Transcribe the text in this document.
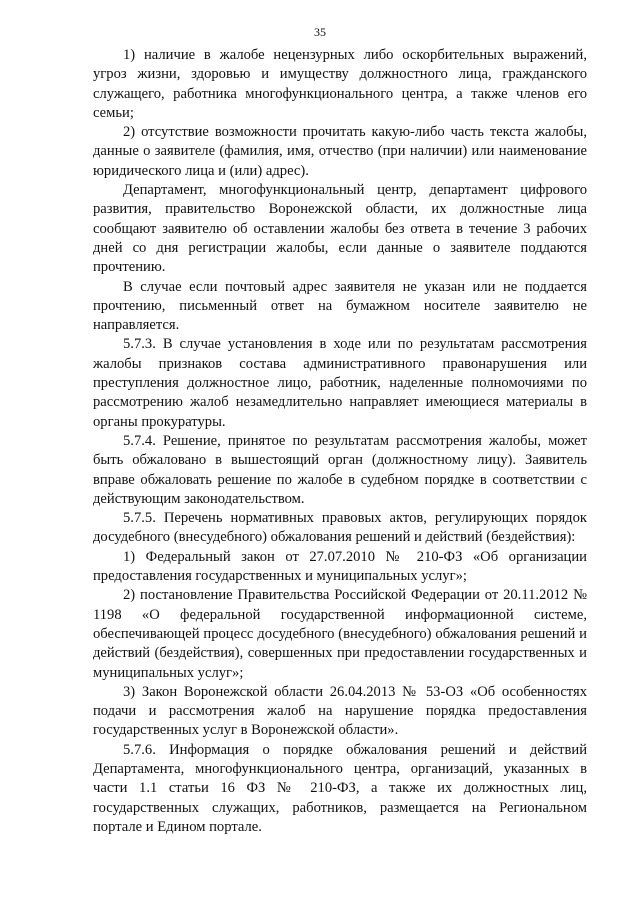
35

1) наличие в жалобе нецензурных либо оскорбительных выражений, угроз жизни, здоровью и имуществу должностного лица, гражданского служащего, работника многофункционального центра, а также членов его семьи;

2) отсутствие возможности прочитать какую-либо часть текста жалобы, данные о заявителе (фамилия, имя, отчество (при наличии) или наименование юридического лица и (или) адрес).

Департамент, многофункциональный центр, департамент цифрового развития, правительство Воронежской области, их должностные лица сообщают заявителю об оставлении жалобы без ответа в течение 3 рабочих дней со дня регистрации жалобы, если данные о заявителе поддаются прочтению.

В случае если почтовый адрес заявителя не указан или не поддается прочтению, письменный ответ на бумажном носителе заявителю не направляется.

5.7.3. В случае установления в ходе или по результатам рассмотрения жалобы признаков состава административного правонарушения или преступления должностное лицо, работник, наделенные полномочиями по рассмотрению жалоб незамедлительно направляет имеющиеся материалы в органы прокуратуры.

5.7.4. Решение, принятое по результатам рассмотрения жалобы, может быть обжаловано в вышестоящий орган (должностному лицу). Заявитель вправе обжаловать решение по жалобе в судебном порядке в соответствии с действующим законодательством.

5.7.5. Перечень нормативных правовых актов, регулирующих порядок досудебного (внесудебного) обжалования решений и действий (бездействия):

1) Федеральный закон от 27.07.2010 № 210-ФЗ «Об организации предоставления государственных и муниципальных услуг»;

2) постановление Правительства Российской Федерации от 20.11.2012 № 1198 «О федеральной государственной информационной системе, обеспечивающей процесс досудебного (внесудебного) обжалования решений и действий (бездействия), совершенных при предоставлении государственных и муниципальных услуг»;

3) Закон Воронежской области 26.04.2013 № 53-ОЗ «Об особенностях подачи и рассмотрения жалоб на нарушение порядка предоставления государственных услуг в Воронежской области».

5.7.6. Информация о порядке обжалования решений и действий Департамента, многофункционального центра, организаций, указанных в части 1.1 статьи 16 ФЗ № 210-ФЗ, а также их должностных лиц, государственных служащих, работников, размещается на Региональном портале и Едином портале.
